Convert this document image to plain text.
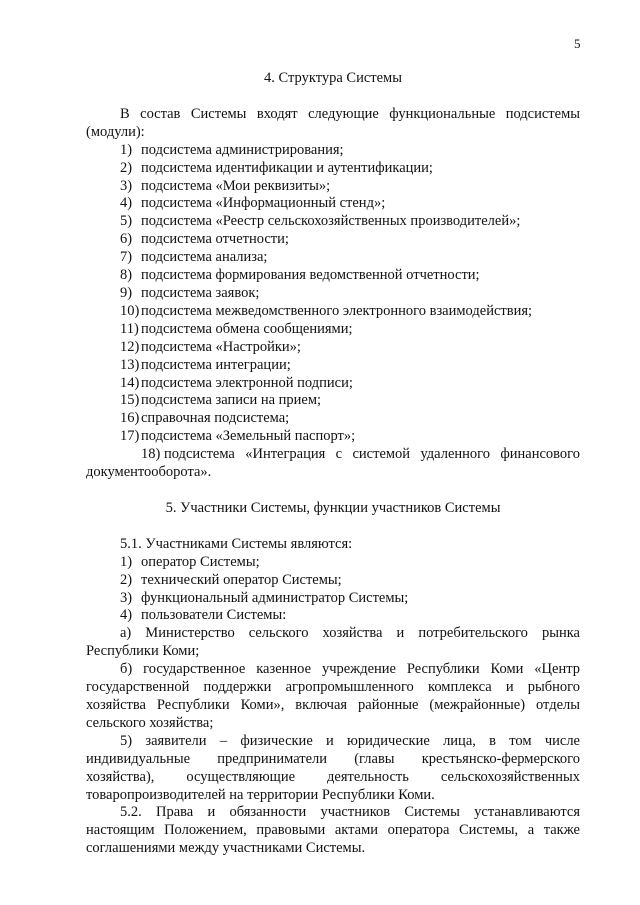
5
4. Структура Системы

В состав Системы входят следующие функциональные подсистемы (модули):

1) подсистема администрирования;
2) подсистема идентификации и аутентификации;
3) подсистема «Мои реквизиты»;
4) подсистема «Информационный стенд»;
5) подсистема «Реестр сельскохозяйственных производителей»;
6) подсистема отчетности;
7) подсистема анализа;
8) подсистема формирования ведомственной отчетности;
9) подсистема заявок;
10) подсистема межведомственного электронного взаимодействия;
11) подсистема обмена сообщениями;
12) подсистема «Настройки»;
13) подсистема интеграции;
14) подсистема электронной подписи;
15) подсистема записи на прием;
16) справочная подсистема;
17) подсистема «Земельный паспорт»;
18) подсистема «Интеграция с системой удаленного финансового документооборота».
5. Участники Системы, функции участников Системы

5.1. Участниками Системы являются:

1) оператор Системы;
2) технический оператор Системы;
3) функциональный администратор Системы;
4) пользователи Системы:

а) Министерство сельского хозяйства и потребительского рынка Республики Коми;

б) государственное казенное учреждение Республики Коми «Центр государственной поддержки агропромышленного комплекса и рыбного хозяйства Республики Коми», включая районные (межрайонные) отделы сельского хозяйства;

5) заявители – физические и юридические лица, в том числе индивидуальные предприниматели (главы крестьянско-фермерского хозяйства), осуществляющие деятельность сельскохозяйственных товаропроизводителей на территории Республики Коми.

5.2. Права и обязанности участников Системы устанавливаются настоящим Положением, правовыми актами оператора Системы, а также соглашениями между участниками Системы.
